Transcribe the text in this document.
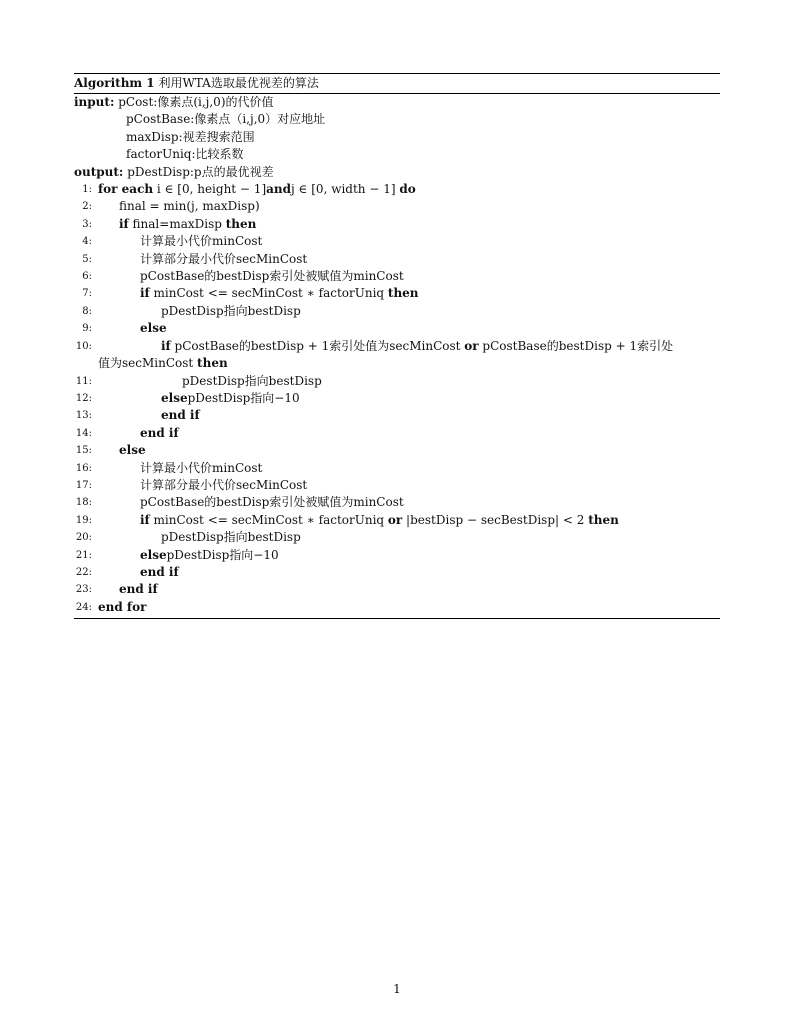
Algorithm 1 利用WTA选取最优视差的算法
input: pCost:像素点(i,j,0)的代价值
pCostBase:像素点（i,j,0）对应地址
maxDisp:视差搜索范围
factorUniq:比较系数
output: pDestDisp:p点的最优视差
1: for each i ∈ [0, height − 1]andj ∈ [0, width − 1] do
2:	final = min(j, maxDisp)
3:	if final=maxDisp then
4:	计算最小代价minCost
5:	计算部分最小代价secMinCost
6:	pCostBase的bestDisp索引处被赋值为minCost
7:	if minCost <= secMinCost ∗ factorUniq then
8:	pDestDisp指向bestDisp
9:	else
10:	if pCostBase的bestDisp + 1索引处值为secMinCost or pCostBase的bestDisp + 1索引处
值为secMinCost then
11:	pDestDisp指向bestDisp
12:	elsepDestDisp指向−10
13:	end if
14:	end if
15:	else
16:	计算最小代价minCost
17:	计算部分最小代价secMinCost
18:	pCostBase的bestDisp索引处被赋值为minCost
19:	if minCost <= secMinCost ∗ factorUniq or |bestDisp − secBestDisp| < 2 then
20:	pDestDisp指向bestDisp
21:	elsepDestDisp指向−10
22:	end if
23:	end if
24: end for
1
